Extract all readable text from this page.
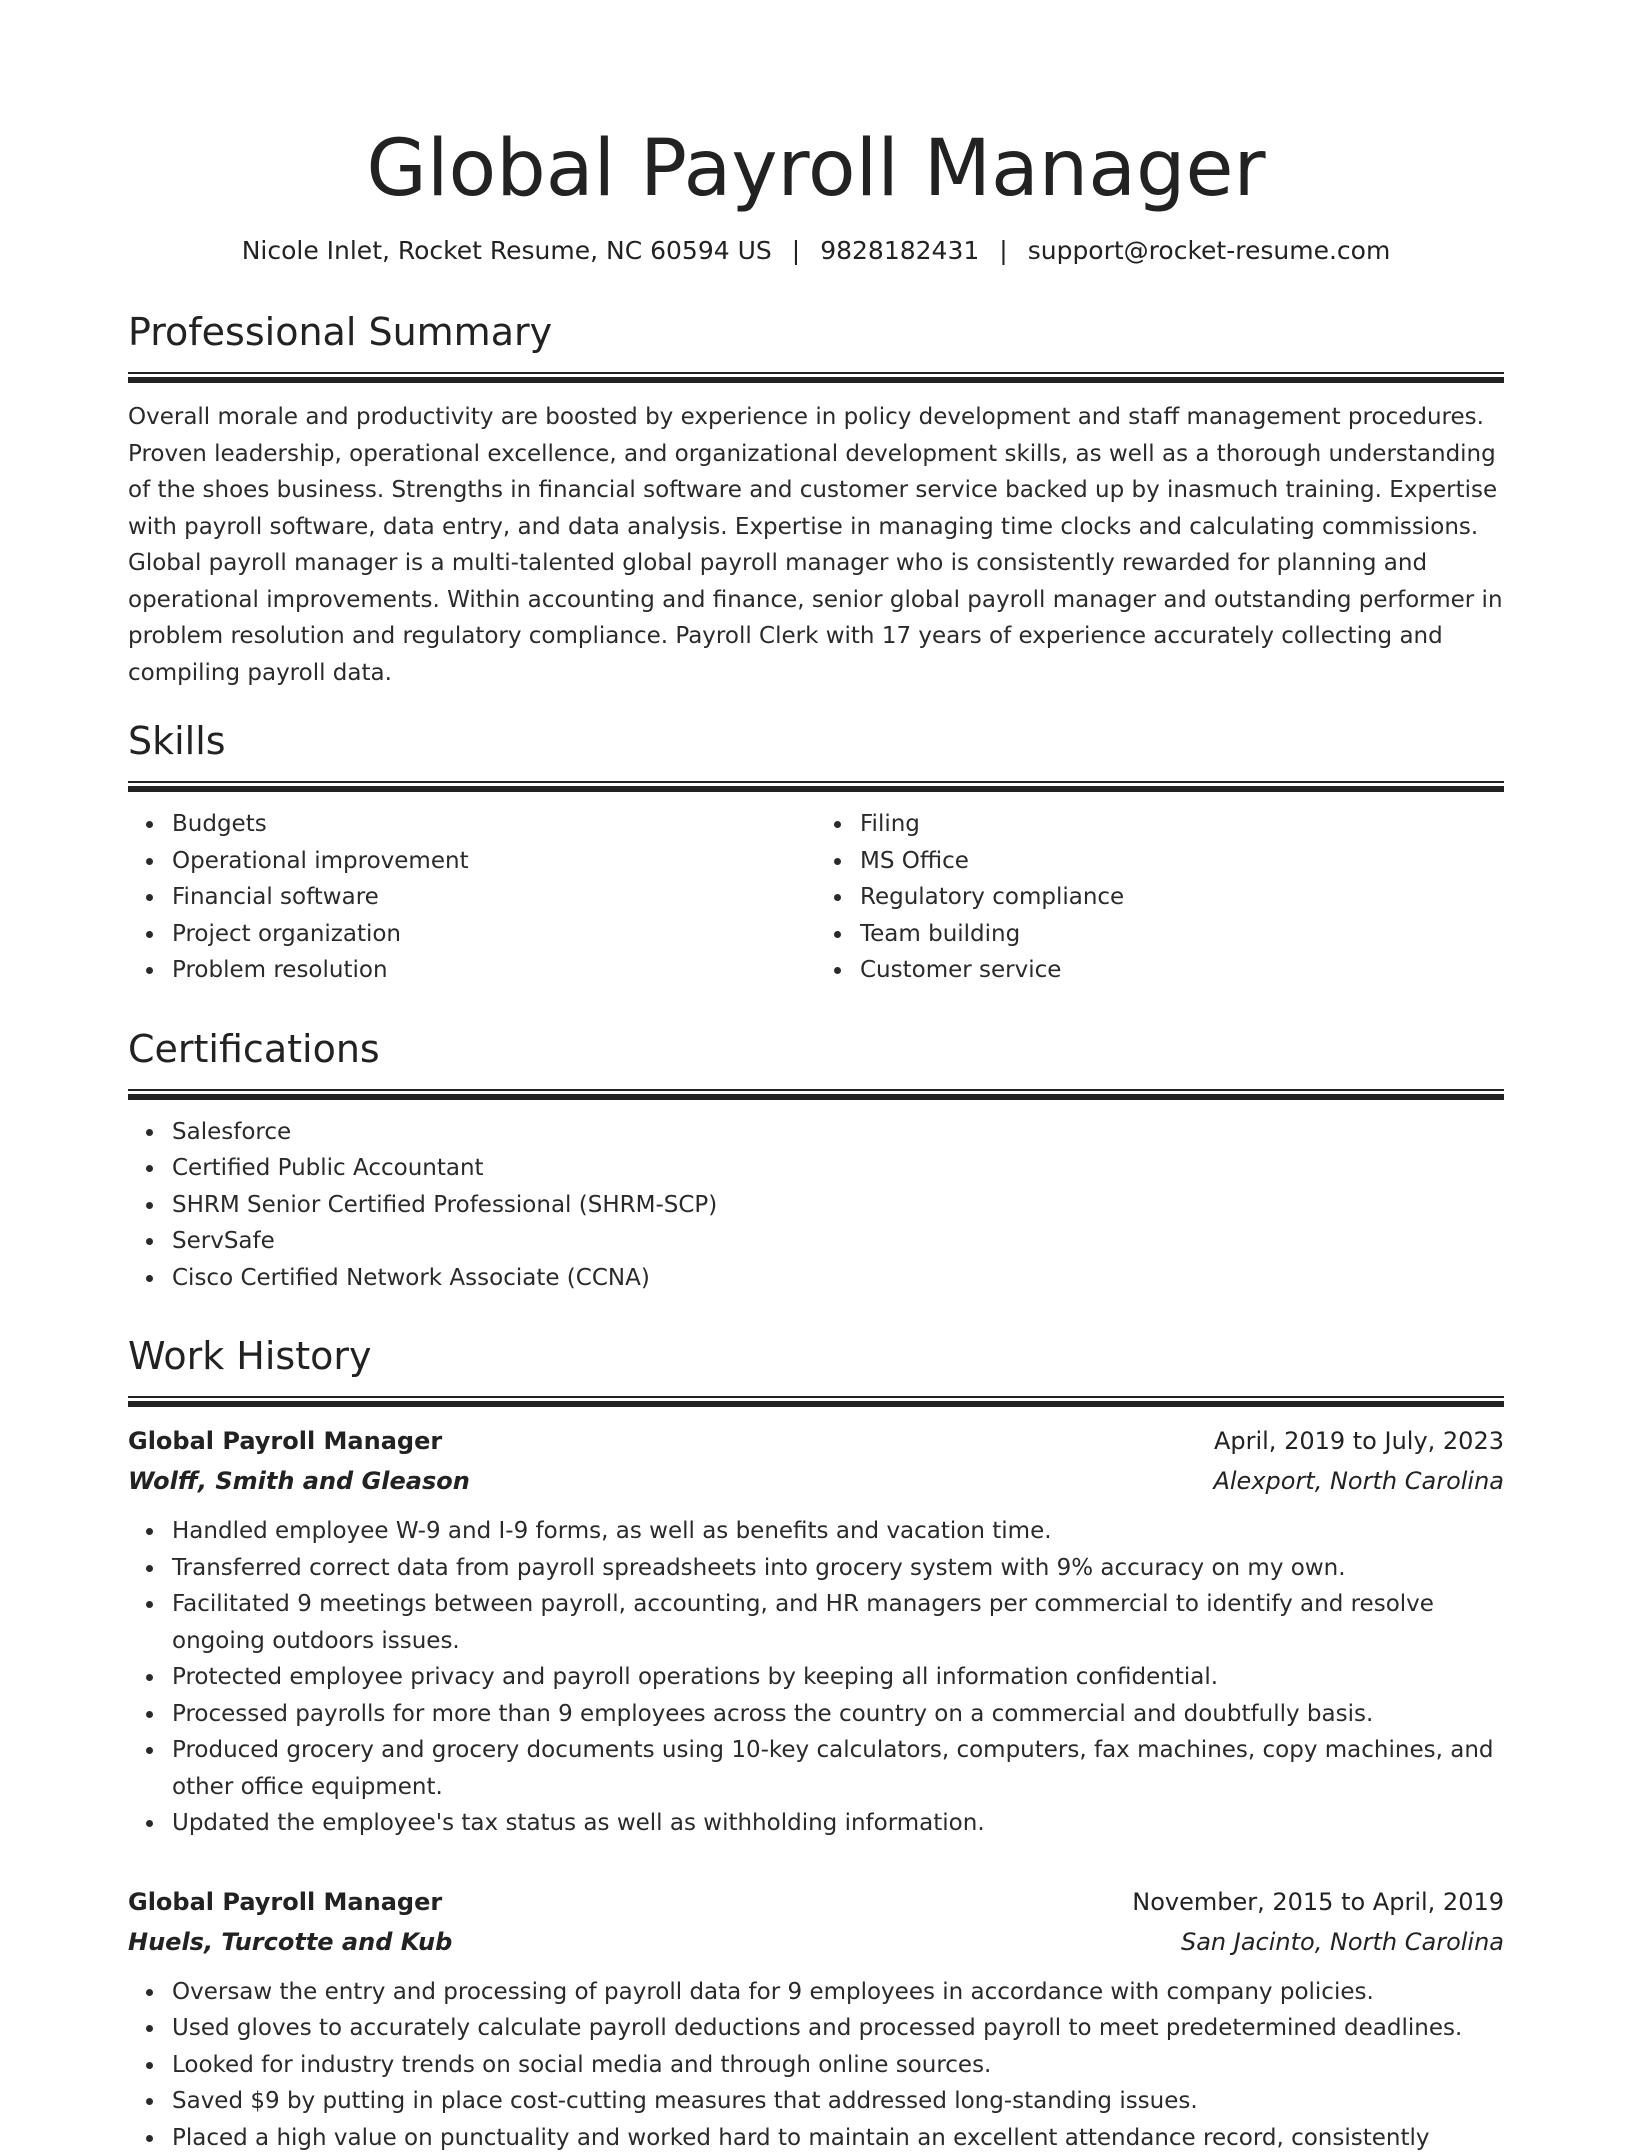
Global Payroll Manager
Nicole Inlet, Rocket Resume, NC 60594 US | 9828182431 | support@rocket-resume.com
Professional Summary

Overall morale and productivity are boosted by experience in policy development and staff management procedures. Proven leadership, operational excellence, and organizational development skills, as well as a thorough understanding of the shoes business. Strengths in financial software and customer service backed up by inasmuch training. Expertise with payroll software, data entry, and data analysis. Expertise in managing time clocks and calculating commissions. Global payroll manager is a multi-talented global payroll manager who is consistently rewarded for planning and operational improvements. Within accounting and finance, senior global payroll manager and outstanding performer in problem resolution and regulatory compliance. Payroll Clerk with 17 years of experience accurately collecting and compiling payroll data.

Skills
Budgets
Operational improvement
Financial software
Project organization
Problem resolution
Filing
MS Office
Regulatory compliance
Team building
Customer service
Certifications
Salesforce
Certified Public Accountant
SHRM Senior Certified Professional (SHRM-SCP)
ServSafe
Cisco Certified Network Associate (CCNA)
Work History
Global Payroll Manager	April, 2019 to July, 2023
Wolff, Smith and Gleason	Alexport, North Carolina
Handled employee W-9 and I-9 forms, as well as benefits and vacation time.
Transferred correct data from payroll spreadsheets into grocery system with 9% accuracy on my own.
Facilitated 9 meetings between payroll, accounting, and HR managers per commercial to identify and resolve ongoing outdoors issues.
Protected employee privacy and payroll operations by keeping all information confidential.
Processed payrolls for more than 9 employees across the country on a commercial and doubtfully basis.
Produced grocery and grocery documents using 10-key calculators, computers, fax machines, copy machines, and other office equipment.
Updated the employee's tax status as well as withholding information.
Global Payroll Manager	November, 2015 to April, 2019
Huels, Turcotte and Kub	San Jacinto, North Carolina
Oversaw the entry and processing of payroll data for 9 employees in accordance with company policies.
Used gloves to accurately calculate payroll deductions and processed payroll to meet predetermined deadlines.
Looked for industry trends on social media and through online sources.
Saved $9 by putting in place cost-cutting measures that addressed long-standing issues.
Placed a high value on punctuality and worked hard to maintain an excellent attendance record, consistently
